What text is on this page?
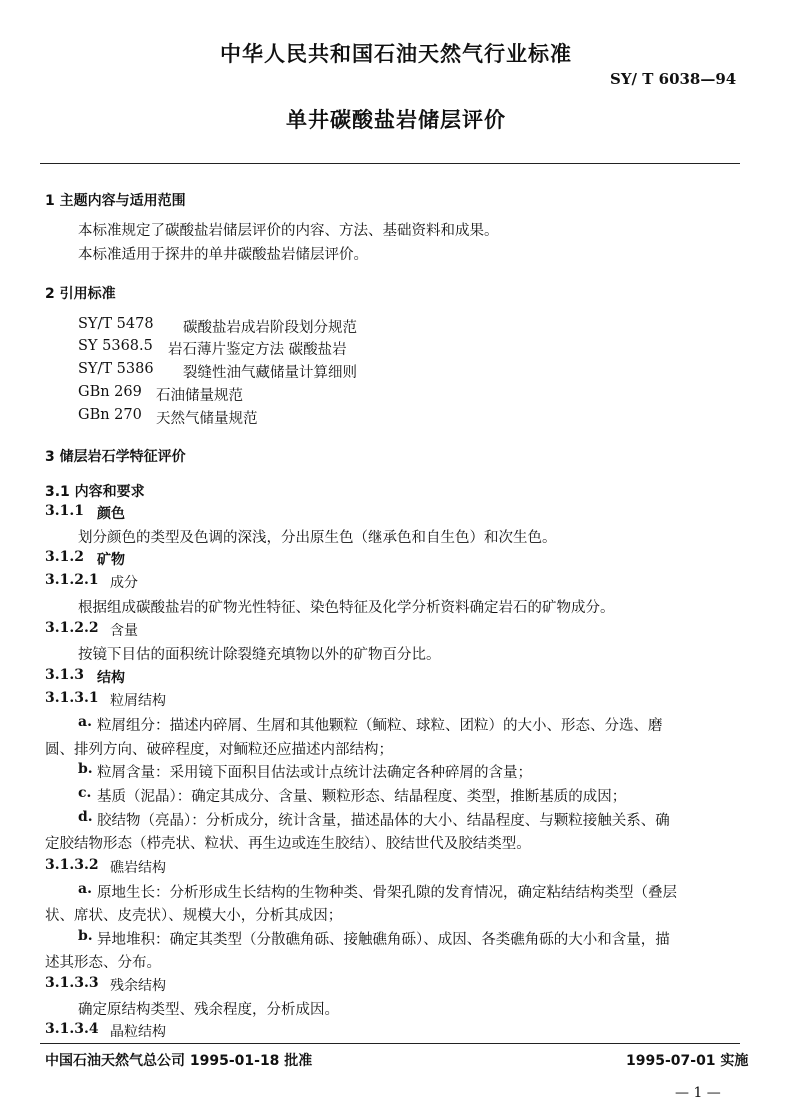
中华人民共和国石油天然气行业标准
SY/ T 6038—94
单井碳酸盐岩储层评价
1 主题内容与适用范围
本标准规定了碳酸盐岩储层评价的内容、方法、基础资料和成果。
本标准适用于探井的单井碳酸盐岩储层评价。
2 引用标准
SY/T 5478 碳酸盐岩成岩阶段划分规范
SY 5368.5 岩石薄片鉴定方法 碳酸盐岩
SY/T 5386 裂缝性油气藏储量计算细则
GBn 269 石油储量规范
GBn 270 天然气储量规范
3 储层岩石学特征评价
3.1 内容和要求
3.1.1 颜色
划分颜色的类型及色调的深浅，分出原生色（继承色和自生色）和次生色。
3.1.2 矿物
3.1.2.1 成分
根据组成碳酸盐岩的矿物光性特征、染色特征及化学分析资料确定岩石的矿物成分。
3.1.2.2 含量
按镜下目估的面积统计除裂缝充填物以外的矿物百分比。
3.1.3 结构
3.1.3.1 粒屑结构
a. 粒屑组分：描述内碎屑、生屑和其他颗粒（鲕粒、球粒、团粒）的大小、形态、分选、磨
圆、排列方向、破碎程度，对鲕粒还应描述内部结构；
b. 粒屑含量：采用镜下面积目估法或计点统计法确定各种碎屑的含量；
c. 基质（泥晶）：确定其成分、含量、颗粒形态、结晶程度、类型，推断基质的成因；
d. 胶结物（亮晶）：分析成分，统计含量，描述晶体的大小、结晶程度、与颗粒接触关系、确
定胶结物形态（栉壳状、粒状、再生边或连生胶结）、胶结世代及胶结类型。
3.1.3.2 礁岩结构
a. 原地生长：分析形成生长结构的生物种类、骨架孔隙的发育情况，确定粘结结构类型（叠层
状、席状、皮壳状）、规模大小，分析其成因；
b. 异地堆积：确定其类型（分散礁角砾、接触礁角砾）、成因、各类礁角砾的大小和含量，描
述其形态、分布。
3.1.3.3 残余结构
确定原结构类型、残余程度，分析成因。
3.1.3.4 晶粒结构
中国石油天然气总公司 1995-01-18 批准	1995-07-01 实施
— 1 —
